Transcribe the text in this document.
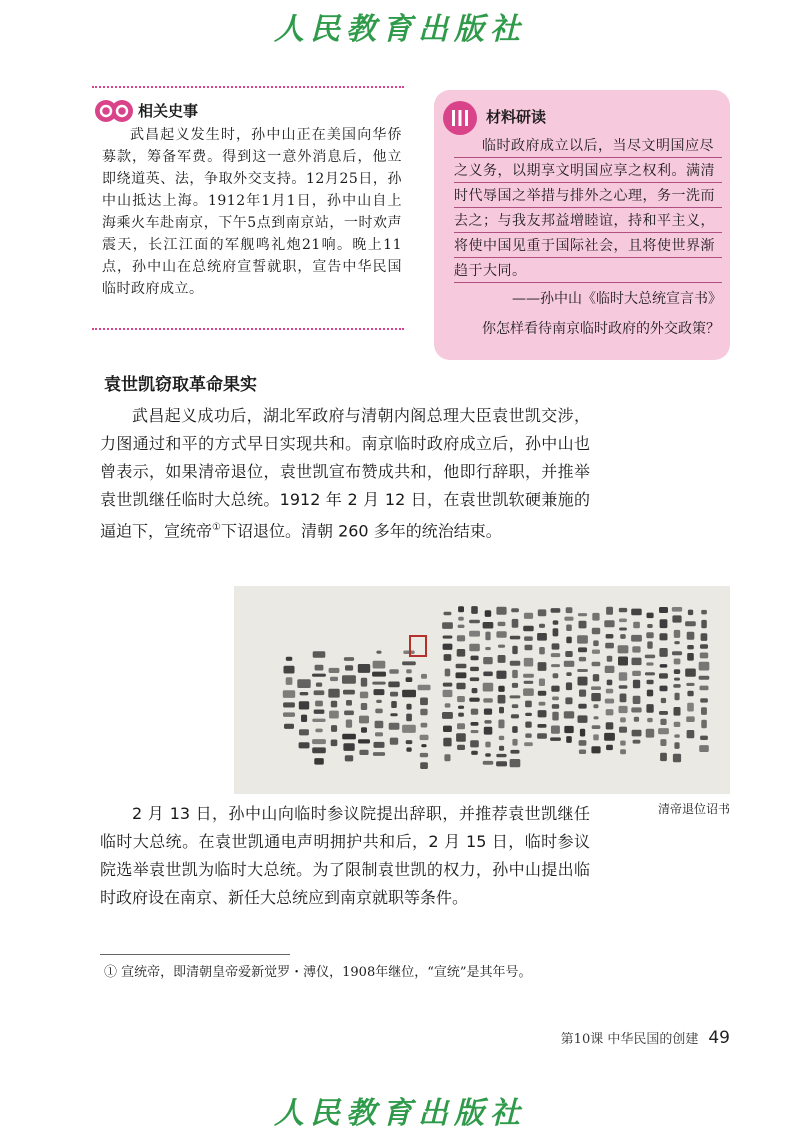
人民教育出版社
相关史事
武昌起义发生时，孙中山正在美国向华侨募款，筹备军费。得到这一意外消息后，他立即绕道英、法，争取外交支持。12月25日，孙中山抵达上海。1912年1月1日，孙中山自上海乘火车赴南京，下午5点到南京站，一时欢声震天，长江江面的军舰鸣礼炮21响。晚上11点，孙中山在总统府宣誓就职，宣告中华民国临时政府成立。
材料研读
临时政府成立以后，当尽文明国应尽之义务，以期享文明国应享之权利。满清时代辱国之举措与排外之心理，务一洗而去之；与我友邦益增睦谊，持和平主义，将使中国见重于国际社会，且将使世界渐趋于大同。
——孙中山《临时大总统宣言书》
你怎样看待南京临时政府的外交政策？
袁世凯窃取革命果实
武昌起义成功后，湖北军政府与清朝内阁总理大臣袁世凯交涉，力图通过和平的方式早日实现共和。南京临时政府成立后，孙中山也曾表示，如果清帝退位，袁世凯宣布赞成共和，他即行辞职，并推举袁世凯继任临时大总统。1912 年 2 月 12 日，在袁世凯软硬兼施的逼迫下，宣统帝①下诏退位。清朝 260 多年的统治结束。
清帝退位诏书
2 月 13 日，孙中山向临时参议院提出辞职，并推荐袁世凯继任临时大总统。在袁世凯通电声明拥护共和后，2 月 15 日，临时参议院选举袁世凯为临时大总统。为了限制袁世凯的权力，孙中山提出临时政府设在南京、新任大总统应到南京就职等条件。
① 宣统帝，即清朝皇帝爱新觉罗・溥仪，1908年继位，“宣统”是其年号。
第10课 中华民国的创建 49
人民教育出版社
